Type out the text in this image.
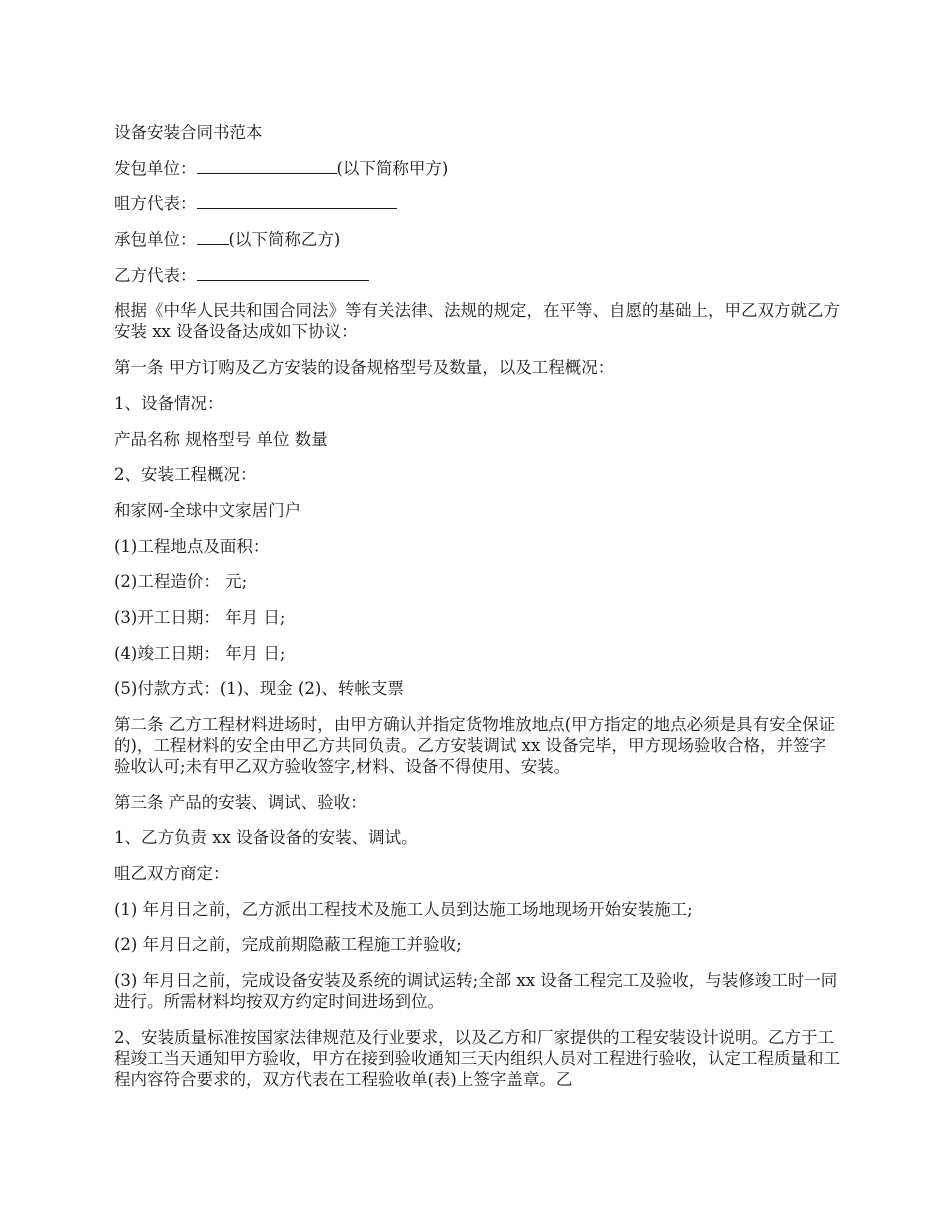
设备安装合同书范本

发包单位：	(以下简称甲方)

咀方代表：

承包单位： (以下简称乙方)

乙方代表：

根据《中华人民共和国合同法》等有关法律、法规的规定，在平等、自愿的基础上，甲乙双方就乙方安装 xx 设备设备达成如下协议：

第一条 甲方订购及乙方安装的设备规格型号及数量，以及工程概况：

1、设备情况：

产品名称 规格型号 单位 数量

2、安装工程概况：

和家网-全球中文家居门户

(1)工程地点及面积：

(2)工程造价： 元;

(3)开工日期： 年月 日;

(4)竣工日期： 年月 日;

(5)付款方式：(1)、现金 (2)、转帐支票

第二条 乙方工程材料进场时，由甲方确认并指定货物堆放地点(甲方指定的地点必须是具有安全保证的)，工程材料的安全由甲乙方共同负责。乙方安装调试 xx 设备完毕，甲方现场验收合格，并签字验收认可;未有甲乙双方验收签字,材料、设备不得使用、安装。

第三条 产品的安装、调试、验收：

1、乙方负责 xx 设备设备的安装、调试。

咀乙双方商定：

(1) 年月日之前，乙方派出工程技术及施工人员到达施工场地现场开始安装施工;

(2) 年月日之前，完成前期隐蔽工程施工并验收;

(3) 年月日之前，完成设备安装及系统的调试运转;全部 xx 设备工程完工及验收，与装修竣工时一同进行。所需材料均按双方约定时间进场到位。

2、安装质量标准按国家法律规范及行业要求，以及乙方和厂家提供的工程安装设计说明。乙方于工程竣工当天通知甲方验收，甲方在接到验收通知三天内组织人员对工程进行验收，认定工程质量和工程内容符合要求的，双方代表在工程验收单(表)上签字盖章。乙
